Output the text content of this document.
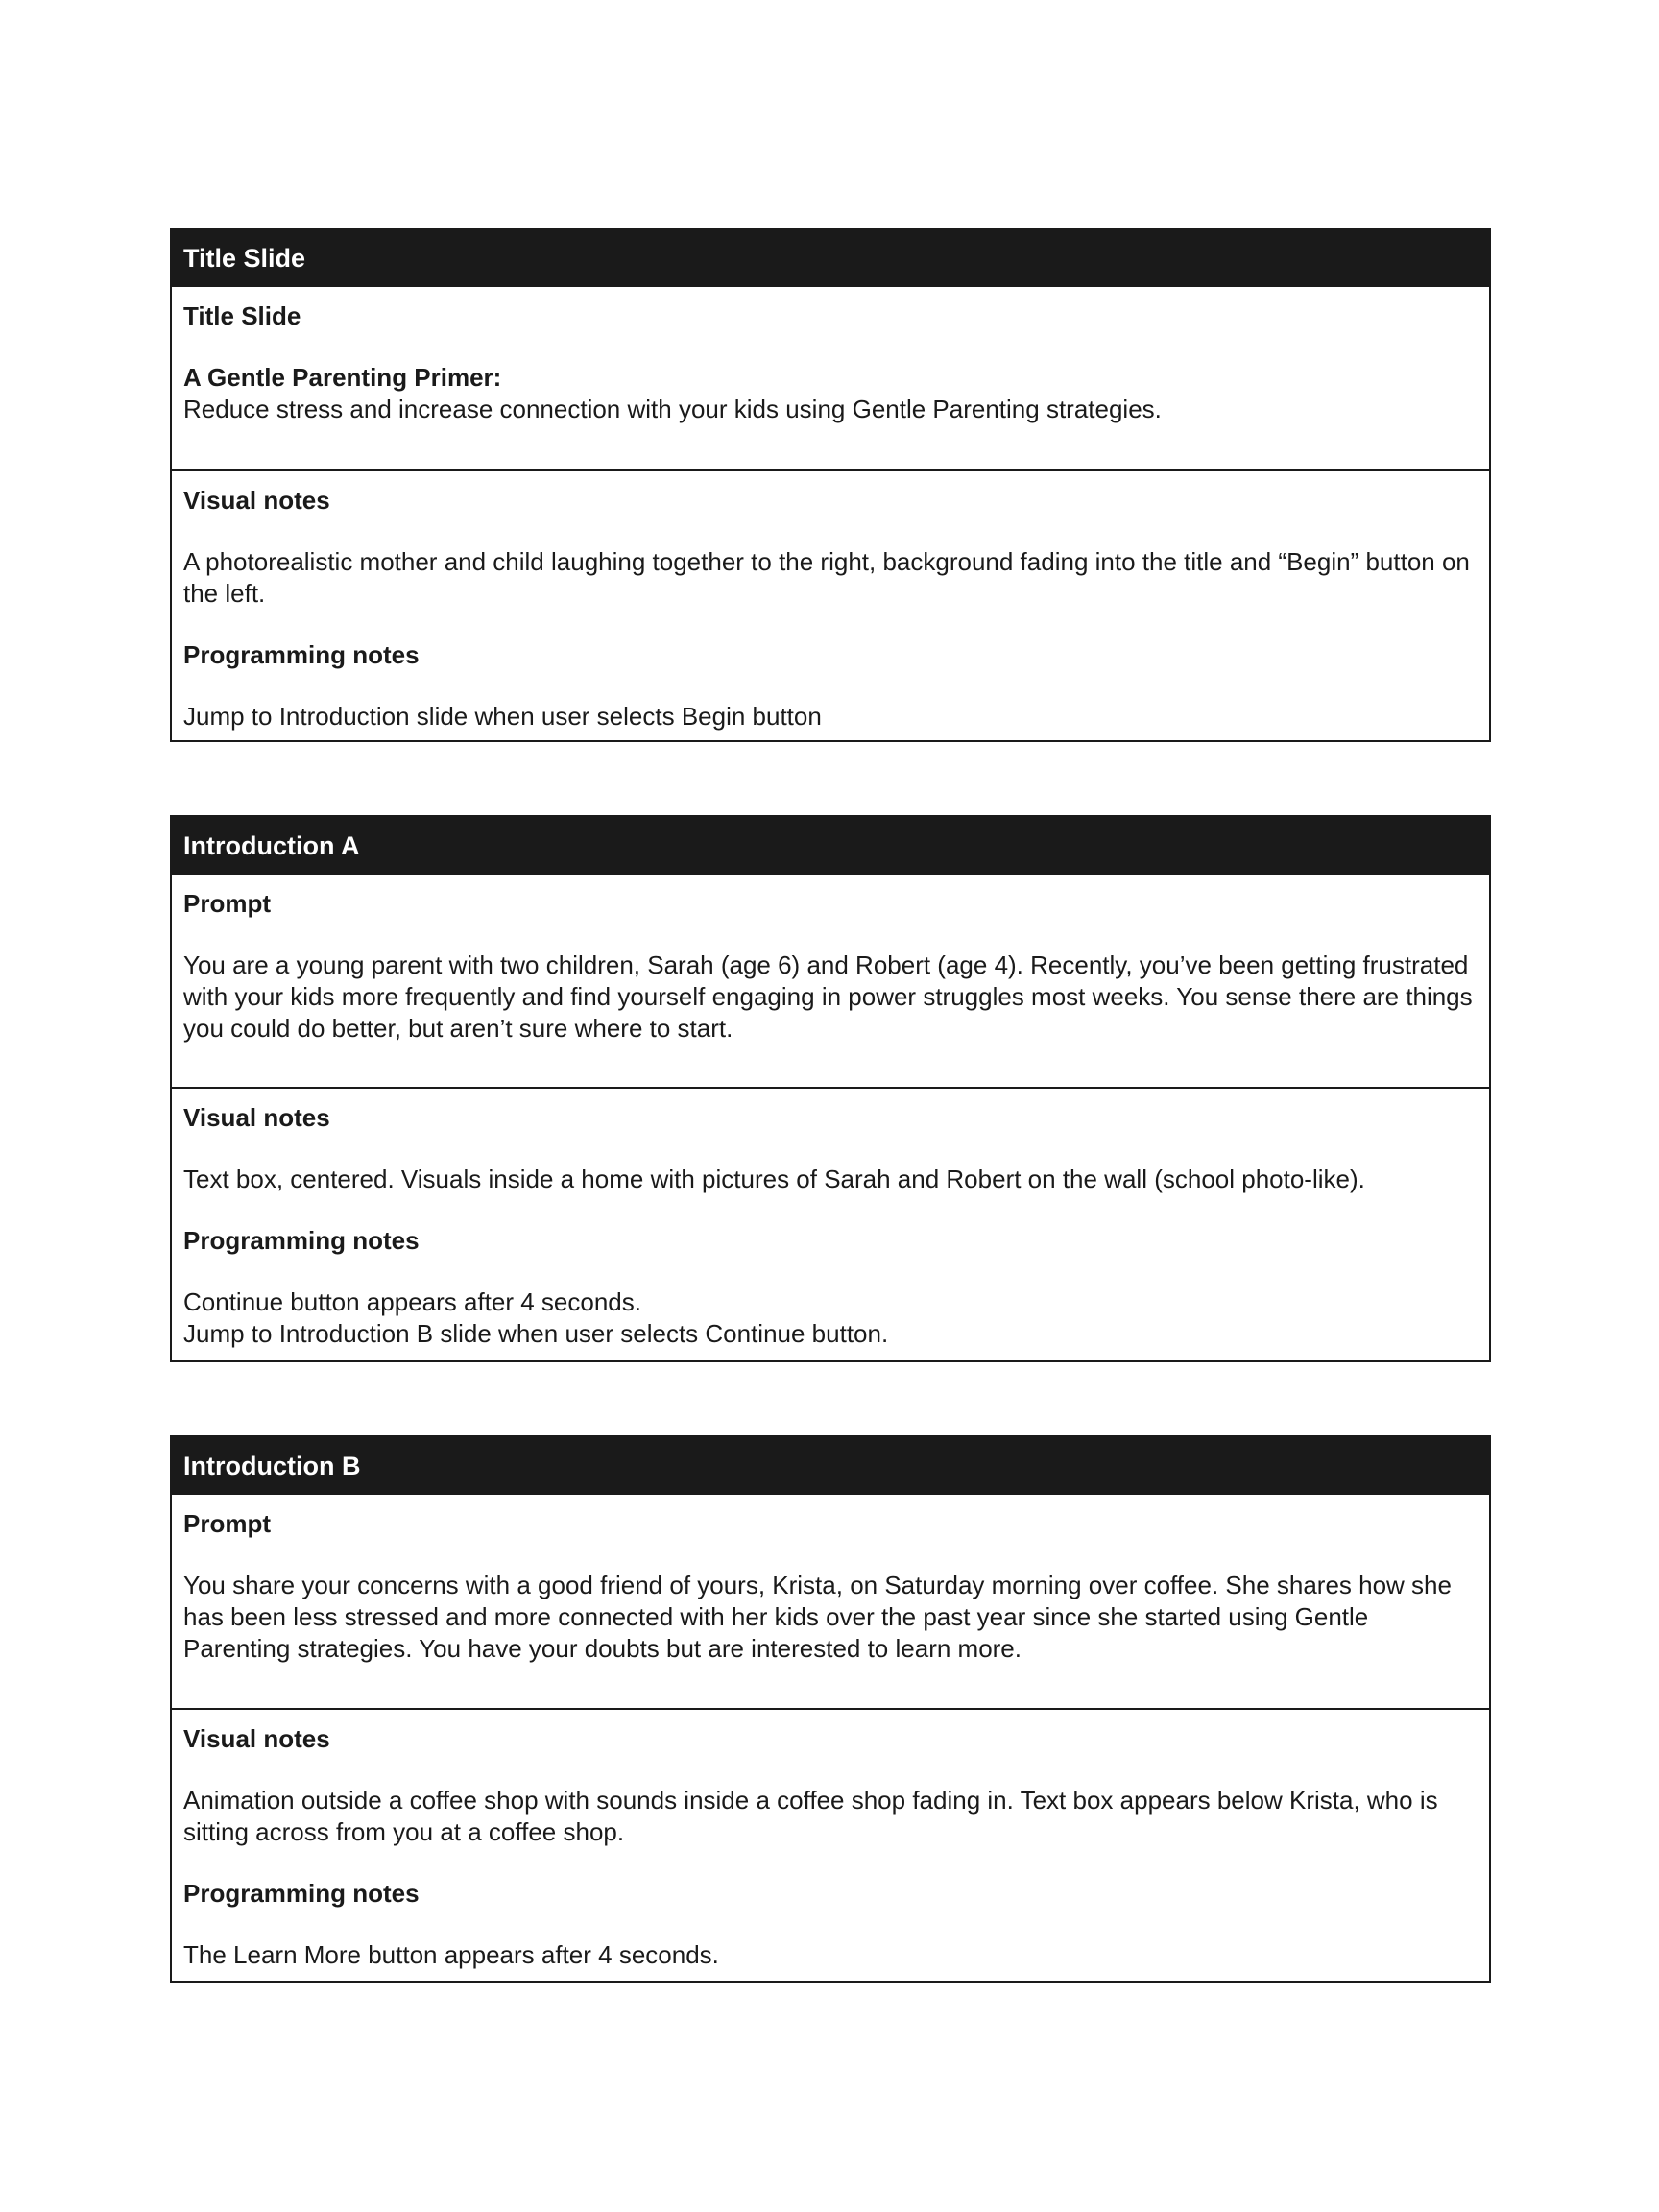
Title Slide
Title Slide
A Gentle Parenting Primer:
Reduce stress and increase connection with your kids using Gentle Parenting strategies.
Visual notes
A photorealistic mother and child laughing together to the right, background fading into the title and “Begin” button on the left.
Programming notes
Jump to Introduction slide when user selects Begin button
Introduction A
Prompt
You are a young parent with two children, Sarah (age 6) and Robert (age 4). Recently, you’ve been getting frustrated with your kids more frequently and find yourself engaging in power struggles most weeks. You sense there are things you could do better, but aren’t sure where to start.
Visual notes
Text box, centered. Visuals inside a home with pictures of Sarah and Robert on the wall (school photo-like).
Programming notes
Continue button appears after 4 seconds.
Jump to Introduction B slide when user selects Continue button.
Introduction B
Prompt
You share your concerns with a good friend of yours, Krista, on Saturday morning over coffee. She shares how she has been less stressed and more connected with her kids over the past year since she started using Gentle Parenting strategies. You have your doubts but are interested to learn more.
Visual notes
Animation outside a coffee shop with sounds inside a coffee shop fading in. Text box appears below Krista, who is sitting across from you at a coffee shop.
Programming notes
The Learn More button appears after 4 seconds.
